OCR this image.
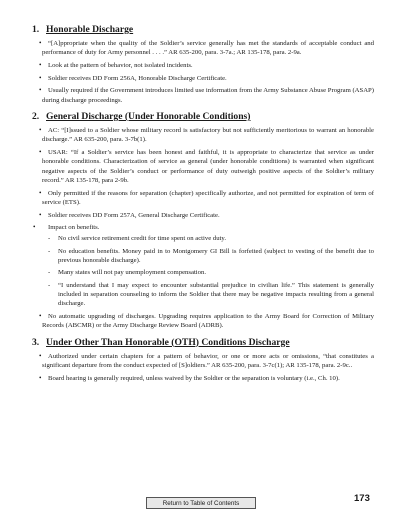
1. Honorable Discharge
• “[A]ppropriate when the quality of the Soldier’s service generally has met the standards of acceptable conduct and performance of duty for Army personnel . . . .” AR 635-200, para. 3-7a.; AR 135-178, para. 2-9a.
• Look at the pattern of behavior, not isolated incidents.
• Soldier receives DD Form 256A, Honorable Discharge Certificate.
• Usually required if the Government introduces limited use information from the Army Substance Abuse Program (ASAP) during discharge proceedings.
2. General Discharge (Under Honorable Conditions)
• AC: “[I]ssued to a Soldier whose military record is satisfactory but not sufficiently meritorious to warrant an honorable discharge.” AR 635-200, para. 3-7b(1).
• USAR: “If a Soldier’s service has been honest and faithful, it is appropriate to characterize that service as under honorable conditions. Characterization of service as general (under honorable conditions) is warranted when significant negative aspects of the Soldier’s conduct or performance of duty outweigh positive aspects of the Soldier’s military record.” AR 135-178, para 2-9b.
• Only permitted if the reasons for separation (chapter) specifically authorize, and not permitted for expiration of term of service (ETS).
• Soldier receives DD Form 257A, General Discharge Certificate.
• Impact on benefits.
- No civil service retirement credit for time spent on active duty.
- No education benefits. Money paid in to Montgomery GI Bill is forfeited (subject to vesting of the benefit due to previous honorable discharge).
- Many states will not pay unemployment compensation.
- “I understand that I may expect to encounter substantial prejudice in civilian life.” This statement is generally included in separation counseling to inform the Soldier that there may be negative impacts resulting from a general discharge.
• No automatic upgrading of discharges. Upgrading requires application to the Army Board for Correction of Military Records (ABCMR) or the Army Discharge Review Board (ADRB).
3. Under Other Than Honorable (OTH) Conditions Discharge
• Authorized under certain chapters for a pattern of behavior, or one or more acts or omissions, “that constitutes a significant departure from the conduct expected of [S]oldiers.” AR 635-200, para. 3-7c(1); AR 135-178, para. 2-9c..
• Board hearing is generally required, unless waived by the Soldier or the separation is voluntary (i.e., Ch. 10).
Return to Table of Contents	173
